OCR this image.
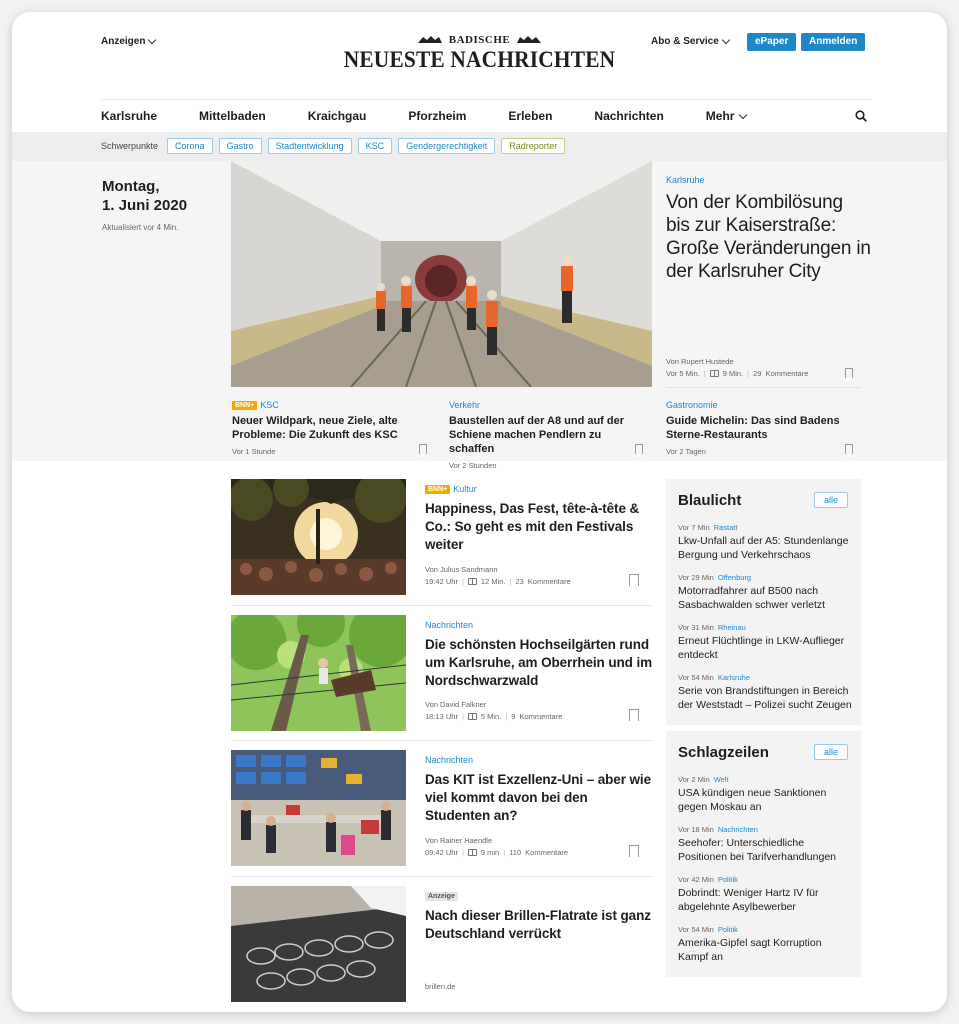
Anzeigen	BADISCHE
NEUESTE NACHRICHTEN
Abo & Service	ePaper	Anmelden
Karlsruhe	Mittelbaden	Kraichgau	Pforzheim	Erleben	Nachrichten	Mehr
Schwerpunkte	Corona	Gastro	Stadtentwicklung	KSC	Gendergerechtigkeit	Radreporter
Montag,
1. Juni 2020
Aktualisiert vor 4 Min.
Karlsruhe
Von der Kombilösung bis zur Kaiserstraße: Große Veränderungen in der Karlsruher City
Von Rupert Hustede
Vor 5 Min. | 9 Min. | 29 Kommentare
BNN+ KSC
Neuer Wildpark, neue Ziele, alte Probleme: Die Zukunft des KSC
Vor 1 Stunde
Verkehr
Baustellen auf der A8 und auf der Schiene machen Pendlern zu schaffen
Vor 2 Stunden
Gastronomie
Guide Michelin: Das sind Badens Sterne-Restaurants
Vor 2 Tagen
BNN+ Kultur
Happiness, Das Fest, tête-à-tête & Co.: So geht es mit den Festivals weiter
Von Julius Sandmann
19:42 Uhr | 12 Min. | 23 Kommentare
Nachrichten
Die schönsten Hochseilgärten rund um Karlsruhe, am Oberrhein und im Nordschwarzwald
Von David Falkner
18:13 Uhr | 5 Min. | 9 Kommentare
Nachrichten
Das KIT ist Exzellenz-Uni – aber wie viel kommt davon bei den Studenten an?
Von Rainer Haendle
09:42 Uhr | 9 min | 110 Kommentare
Anzeige
Nach dieser Brillen-Flatrate ist ganz Deutschland verrückt
brillen.de
Blaulicht	alle
Vor 7 Min Rastatt
Lkw-Unfall auf der A5: Stundenlange Bergung und Verkehrschaos
Vor 29 Min Offenburg
Motorradfahrer auf B500 nach Sasbachwalden schwer verletzt
Vor 31 Min Rheinau
Erneut Flüchtlinge in LKW-Auflieger entdeckt
Vor 54 Min Karlsruhe
Serie von Brandstiftungen in Bereich der Weststadt – Polizei sucht Zeugen
Schlagzeilen	alle
Vor 2 Min Welt
USA kündigen neue Sanktionen gegen Moskau an
Vor 18 Min Nachrichten
Seehofer: Unterschiedliche Positionen bei Tarifverhandlungen
Vor 42 Min Politik
Dobrindt: Weniger Hartz IV für abgelehnte Asylbewerber
Vor 54 Min Politik
Amerika-Gipfel sagt Korruption Kampf an
